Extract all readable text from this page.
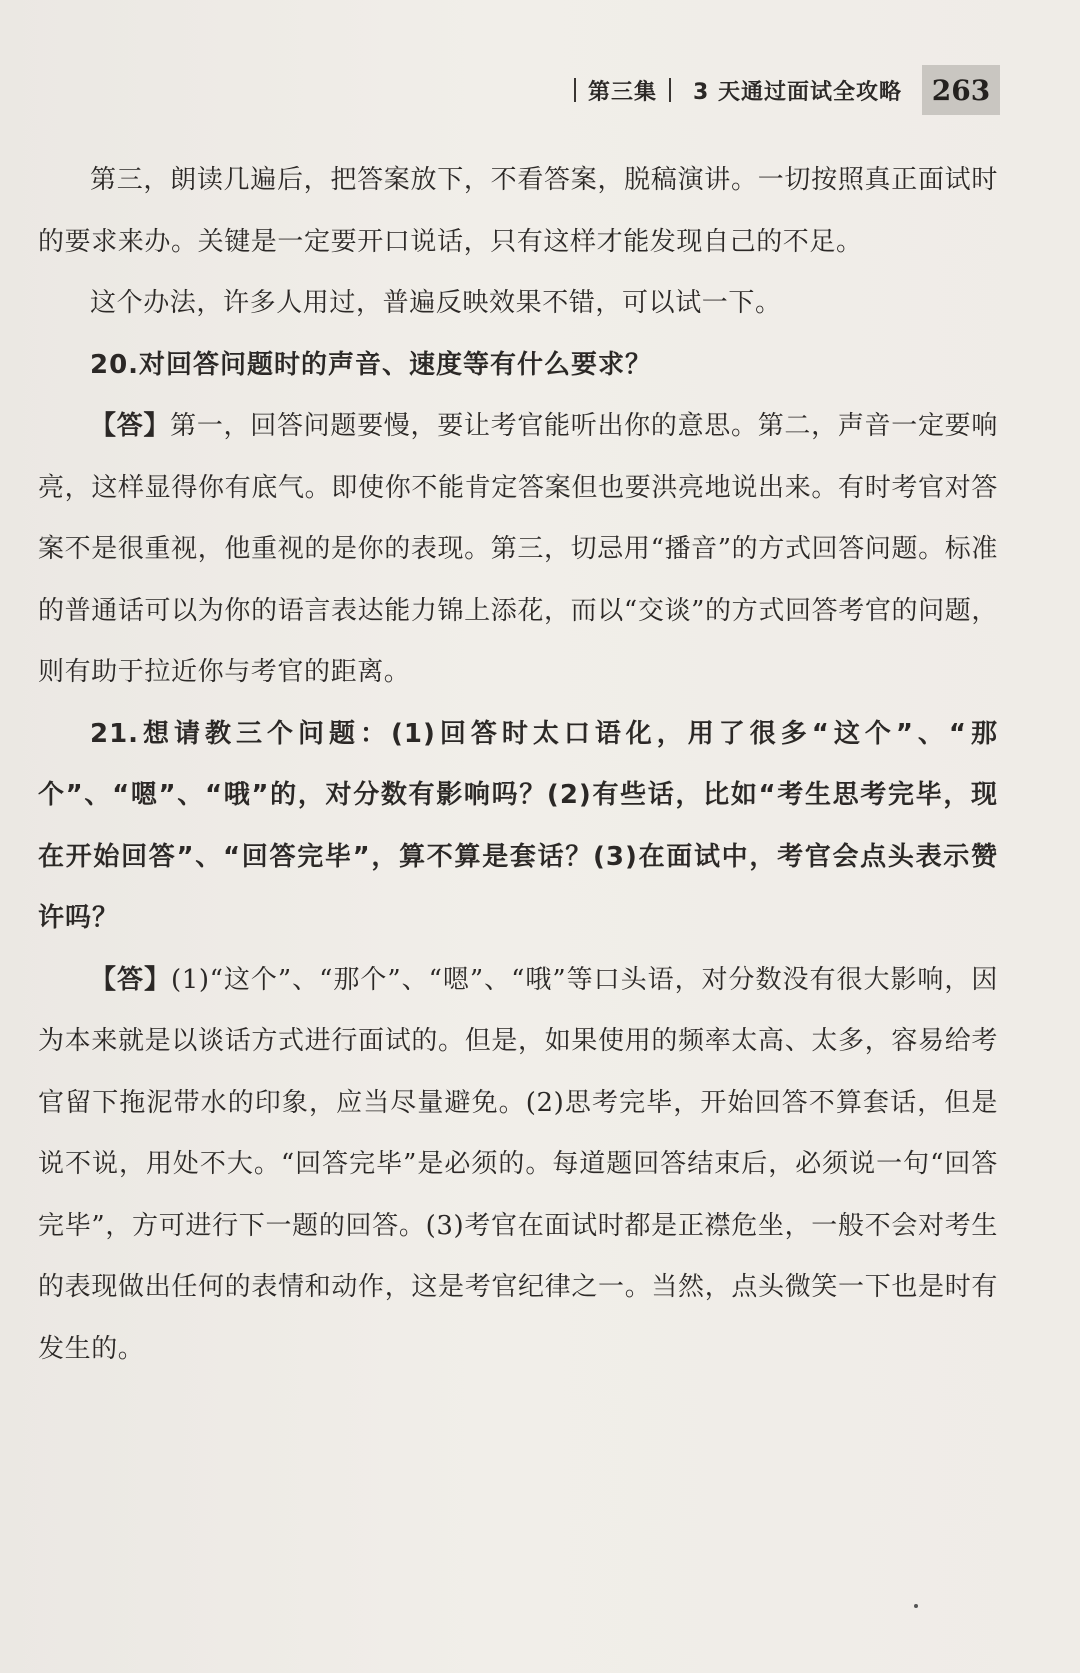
第三集 3 天通过面试全攻略	263

第三，朗读几遍后，把答案放下，不看答案，脱稿演讲。一切按照真正面试时的要求来办。关键是一定要开口说话，只有这样才能发现自己的不足。

这个办法，许多人用过，普遍反映效果不错，可以试一下。

20.对回答问题时的声音、速度等有什么要求？

【答】第一，回答问题要慢，要让考官能听出你的意思。第二，声音一定要响亮，这样显得你有底气。即使你不能肯定答案但也要洪亮地说出来。有时考官对答案不是很重视，他重视的是你的表现。第三，切忌用“播音”的方式回答问题。标准的普通话可以为你的语言表达能力锦上添花，而以“交谈”的方式回答考官的问题，则有助于拉近你与考官的距离。

21.想请教三个问题：(1)回答时太口语化，用了很多“这个”、“那个”、“嗯”、“哦”的，对分数有影响吗？(2)有些话，比如“考生思考完毕，现在开始回答”、“回答完毕”，算不算是套话？(3)在面试中，考官会点头表示赞许吗？

【答】(1)“这个”、“那个”、“嗯”、“哦”等口头语，对分数没有很大影响，因为本来就是以谈话方式进行面试的。但是，如果使用的频率太高、太多，容易给考官留下拖泥带水的印象，应当尽量避免。(2)思考完毕，开始回答不算套话，但是说不说，用处不大。“回答完毕”是必须的。每道题回答结束后，必须说一句“回答完毕”，方可进行下一题的回答。(3)考官在面试时都是正襟危坐，一般不会对考生的表现做出任何的表情和动作，这是考官纪律之一。当然，点头微笑一下也是时有发生的。
